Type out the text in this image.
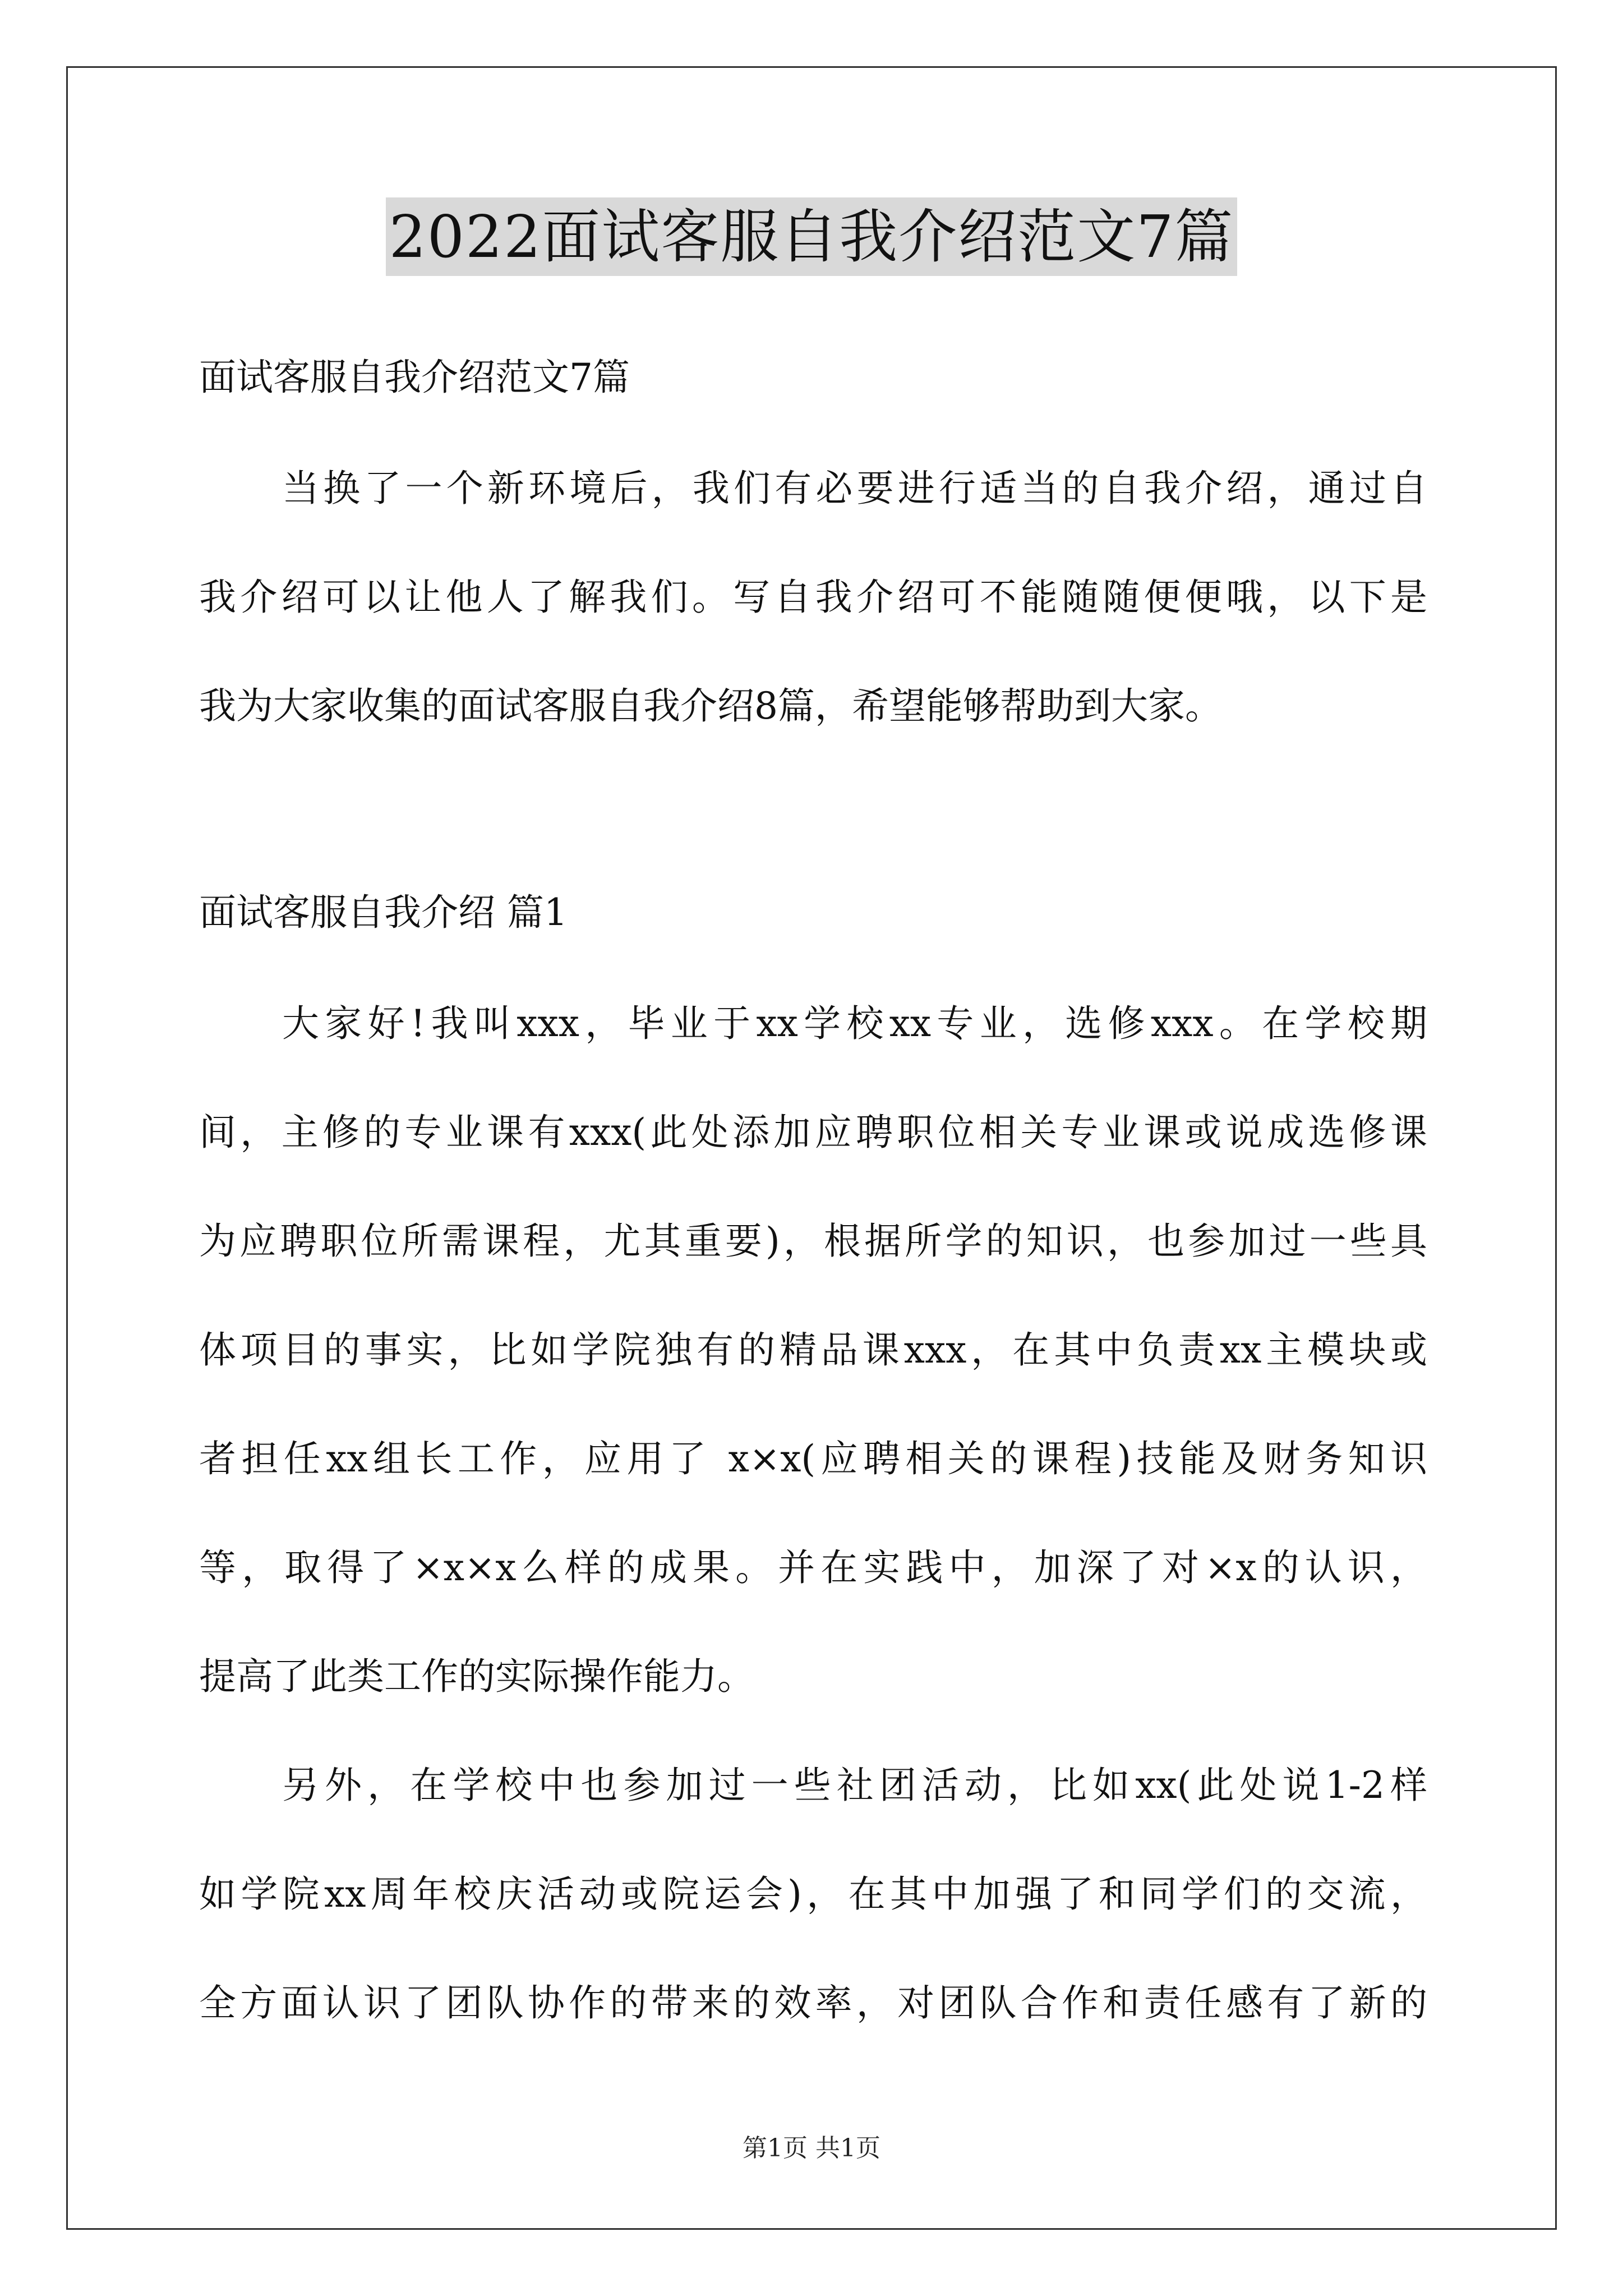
2022面试客服自我介绍范文7篇
面试客服自我介绍范文7篇
当换了一个新环境后，我们有必要进行适当的自我介绍，通过自
我介绍可以让他人了解我们。写自我介绍可不能随随便便哦，以下是
我为大家收集的面试客服自我介绍8篇，希望能够帮助到大家。
面试客服自我介绍 篇1
大家好!我叫xxx，毕业于xx学校xx专业，选修xxx。在学校期
间，主修的专业课有xxx(此处添加应聘职位相关专业课或说成选修课
为应聘职位所需课程，尤其重要)，根据所学的知识，也参加过一些具
体项目的事实，比如学院独有的精品课xxx，在其中负责xx主模块或
者担任xx组长工作，应用了 x×x(应聘相关的课程)技能及财务知识
等，取得了×x×x么样的成果。并在实践中，加深了对×x的认识，
提高了此类工作的实际操作能力。
另外，在学校中也参加过一些社团活动，比如xx(此处说1-2样
如学院xx周年校庆活动或院运会)，在其中加强了和同学们的交流，
全方面认识了团队协作的带来的效率，对团队合作和责任感有了新的
第1页 共1页
